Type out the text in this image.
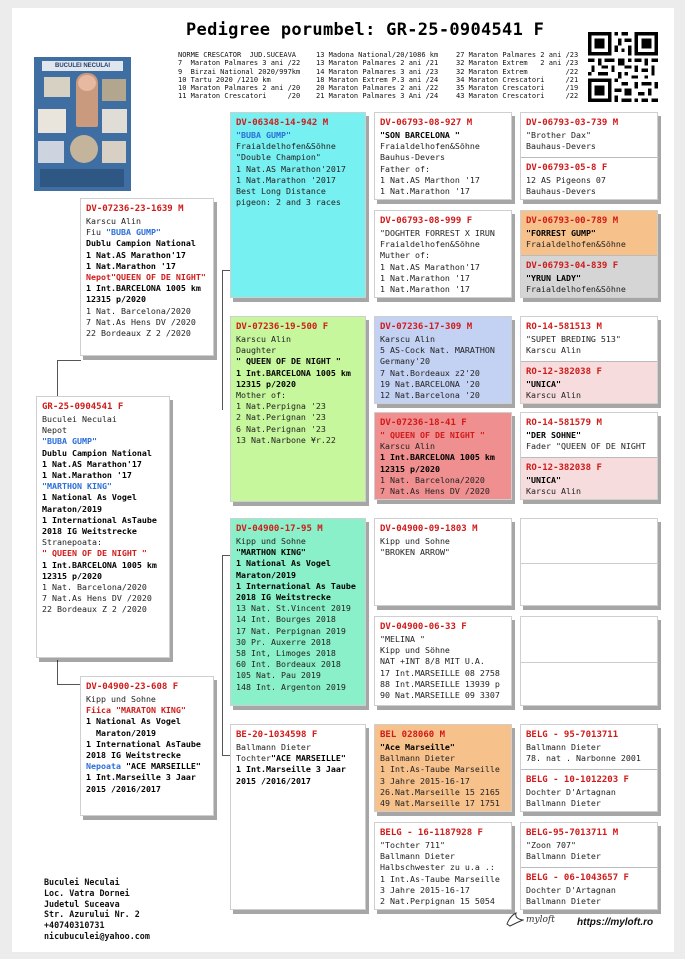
Pedigree porumbel: GR-25-0904541 F
BUCULEI NECULAI
NORME CRESCATOR  JUD.SUCEAVA
7  Maraton Palmares 3 ani /22
9  Birzai National 2020/997km
10 Tartu 2020 /1210 km
10 Maraton Palmares 2 ani /20
11 Maraton Crescatori     /20
13 Madona National/20/1086 km
13 Maraton Palmares 2 ani /21
14 Maraton Palmares 3 ani /23
18 Maraton Extrem P.3 ani /24
20 Maraton Palmares 2 ani /22
21 Maraton Palmares 3 Ani /24
27 Maraton Palmares 2 ani /23
32 Maraton Extrem   2 ani /23
32 Maraton Extrem         /22
34 Maraton Crescatori     /21
35 Maraton Crescatori     /19
43 Maraton Crescatori     /22
GR-25-0904541 F
Buculei Neculai
Nepot
"BUBA GUMP"
Dublu Campion National
1 Nat.AS Marathon'17
1 Nat.Marathon '17
"MARTHON KING"
1 National As Vogel
Maraton/2019
1 International AsTaube
2018 IG Weitstrecke
Stranepoata:
" QUEEN OF DE NIGHT "
1 Int.BARCELONA 1005 km
12315 p/2020
1 Nat. Barcelona/2020
7 Nat.As Hens DV /2020
22 Bordeaux Z 2 /2020
DV-07236-23-1639 M
Karscu Alin
Fiu "BUBA GUMP"
Dublu Campion National
1 Nat.AS Marathon'17
1 Nat.Marathon '17
Nepot"QUEEN OF DE NIGHT"
1 Int.BARCELONA 1005 km
12315 p/2020
1 Nat. Barcelona/2020
7 Nat.As Hens DV /2020
22 Bordeaux Z 2 /2020
DV-04900-23-608 F
Kipp und Sohne
Fiica "MARATON KING"
1 National As Vogel
Maraton/2019
1 International AsTaube
2018 IG Weitstrecke
Nepoata "ACE MARSEILLE"
1 Int.Marseille 3 Jaar
2015 /2016/2017
DV-06348-14-942 M
"BUBA GUMP"
Fraialdelhofen&Sõhne
"Double Champion"
1 Nat.AS Marathon'2017
1 Nat.Marathon '2017
Best Long Distance
pigeon: 2 and 3 races
DV-07236-19-500 F
Karscu Alin
Daughter
" QUEEN OF DE NIGHT "
1 Int.BARCELONA 1005 km
12315 p/2020
Mother of:
1 Nat.Perpigna '23
2 Nat.Perignan '23
6 Nat.Perignan '23
13 Nat.Narbone ¥r.22
DV-04900-17-95 M
Kipp und Sohne
"MARTHON KING"
1 National As Vogel
Maraton/2019
1 International As Taube
2018 IG Weitstrecke
13 Nat. St.Vincent 2019
14 Int. Bourges 2018
17 Nat. Perpignan 2019
30 Pr. Auxerre 2018
58 Int, Limoges 2018
60 Int. Bordeaux 2018
105 Nat. Pau 2019
148 Int. Argenton 2019
BE-20-1034598 F
Ballmann Dieter
Tochter"ACE MARSEILLE"
1 Int.Marseille 3 Jaar
2015 /2016/2017
DV-06793-08-927 M
"SON BARCELONA "
Fraialdelhofen&Sõhne
Bauhus-Devers
Father of:
1 Nat.AS Marthon '17
1 Nat.Marathon '17
DV-06793-08-999 F
"DOGHTER FORREST X IRUN
Fraialdelhofen&Sõhne
Muther of:
1 Nat.AS Marathon'17
1 Nat.Marathon '17
1 Nat.Marathon '17
DV-07236-17-309 M
Karscu Alin
5 AS-Cock Nat. MARATHON
Germany'20
7 Nat.Bordeaux z2'20
19 Nat.BARCELONA '20
12 Nat.Barcelona '20
DV-07236-18-41 F
" QUEEN OF DE NIGHT "
Karscu Alin
1 Int.BARCELONA 1005 km
12315 p/2020
1 Nat. Barcelona/2020
7 Nat.As Hens DV /2020
DV-04900-09-1803 M
Kipp und Sohne
"BROKEN ARROW"
DV-04900-06-33 F
"MELINA "
Kipp und Söhne
NAT +INT 8/8 MIT U.A.
17 Int.MARSEILLE 08 2758
88 Int.MARSEILLE 13939 p
90 Nat.MARSEILLE 09 3307
BEL 028060 M
"Ace Marseille"
Ballmann Dieter
1 Int.As-Taube Marseille
3 Jahre 2015-16-17
26.Nat.Marseille 15 2165
49 Nat.Marseille 17 1751
BELG - 16-1187928 F
"Tochter 711"
Ballmann Dieter
Halbschwester zu u.a .:
1 Int.As-Taube Marseille
3 Jahre 2015-16-17
2 Nat.Perpignan 15 5054
DV-06793-03-739 M
"Brother Dax"
Bauhaus-Devers
DV-06793-05-8 F
12 AS Pigeons 07
Bauhaus-Devers
DV-06793-00-789 M
"FORREST GUMP"
Fraialdelhofen&Sõhne
DV-06793-04-839 F
"YRUN LADY"
Fraialdelhofen&Sõhne
RO-14-581513 M
"SUPET BREDING 513"
Karscu Alin
RO-12-382038 F
"UNICA"
Karscu Alin
RO-14-581579 M
"DER SOHNE"
Fader "QUEEN OF DE NIGHT
RO-12-382038 F
"UNICA"
Karscu Alin
BELG - 95-7013711
Ballmann Dieter
78. nat . Narbonne 2001
BELG - 10-1012203 F
Dochter D'Artagnan
Ballmann Dieter
BELG-95-7013711 M
"Zoon 707"
Ballmann Dieter
BELG - 06-1043657 F
Dochter D'Artagnan
Ballmann Dieter
Buculei Neculai
Loc. Vatra Dornei
Judetul Suceava
Str. Azurului Nr. 2
+40740310731
nicubuculei@yahoo.com
myloft https://myloft.ro
